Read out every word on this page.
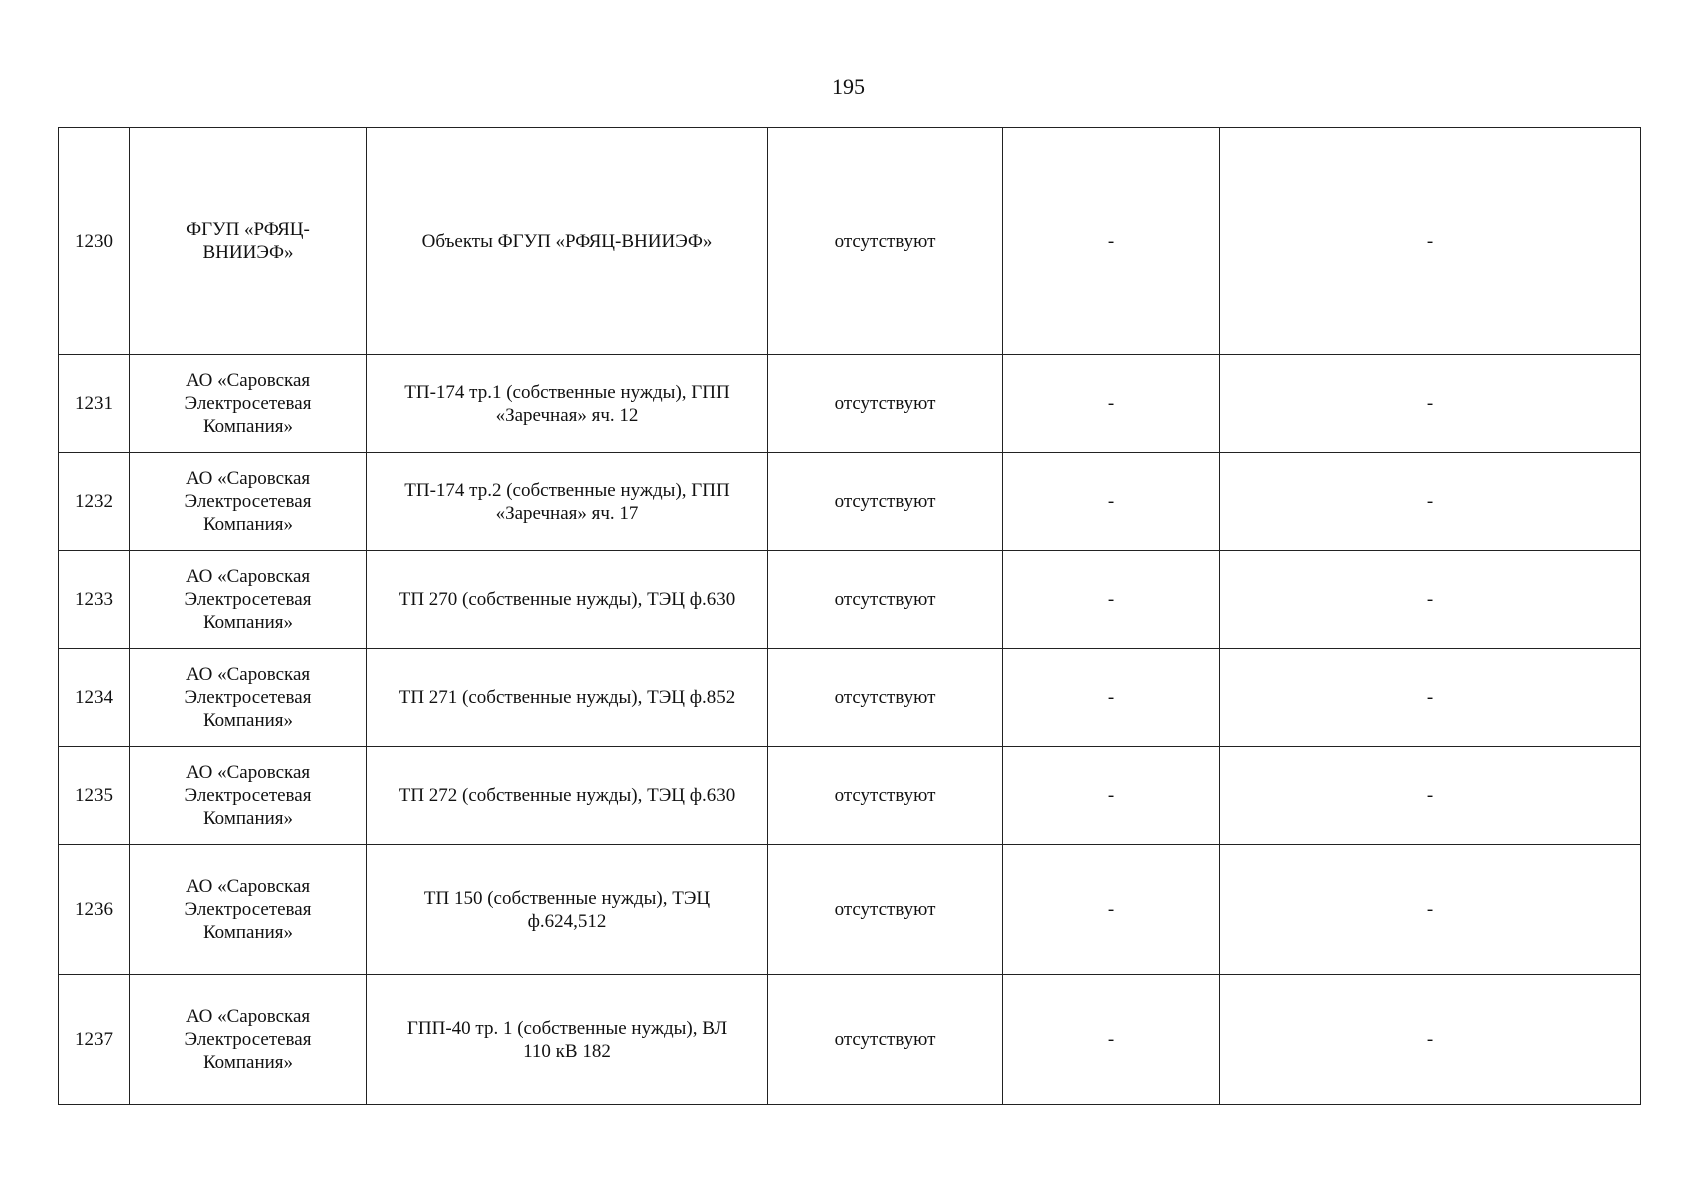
195
1230	ФГУП «РФЯЦ-ВНИИЭФ»	Объекты ФГУП «РФЯЦ-ВНИИЭФ»	отсутствуют	-	-
1231	АО «Саровская Электросетевая Компания»	ТП-174 тр.1 (собственные нужды), ГПП «Заречная» яч. 12	отсутствуют	-	-
1232	АО «Саровская Электросетевая Компания»	ТП-174 тр.2 (собственные нужды), ГПП «Заречная» яч. 17	отсутствуют	-	-
1233	АО «Саровская Электросетевая Компания»	ТП 270 (собственные нужды), ТЭЦ ф.630	отсутствуют	-	-
1234	АО «Саровская Электросетевая Компания»	ТП 271 (собственные нужды), ТЭЦ ф.852	отсутствуют	-	-
1235	АО «Саровская Электросетевая Компания»	ТП 272 (собственные нужды), ТЭЦ ф.630	отсутствуют	-	-
1236	АО «Саровская Электросетевая Компания»	ТП 150 (собственные нужды), ТЭЦ ф.624,512	отсутствуют	-	-
1237	АО «Саровская Электросетевая Компания»	ГПП-40 тр. 1 (собственные нужды), ВЛ 110 кВ 182	отсутствуют	-	-
